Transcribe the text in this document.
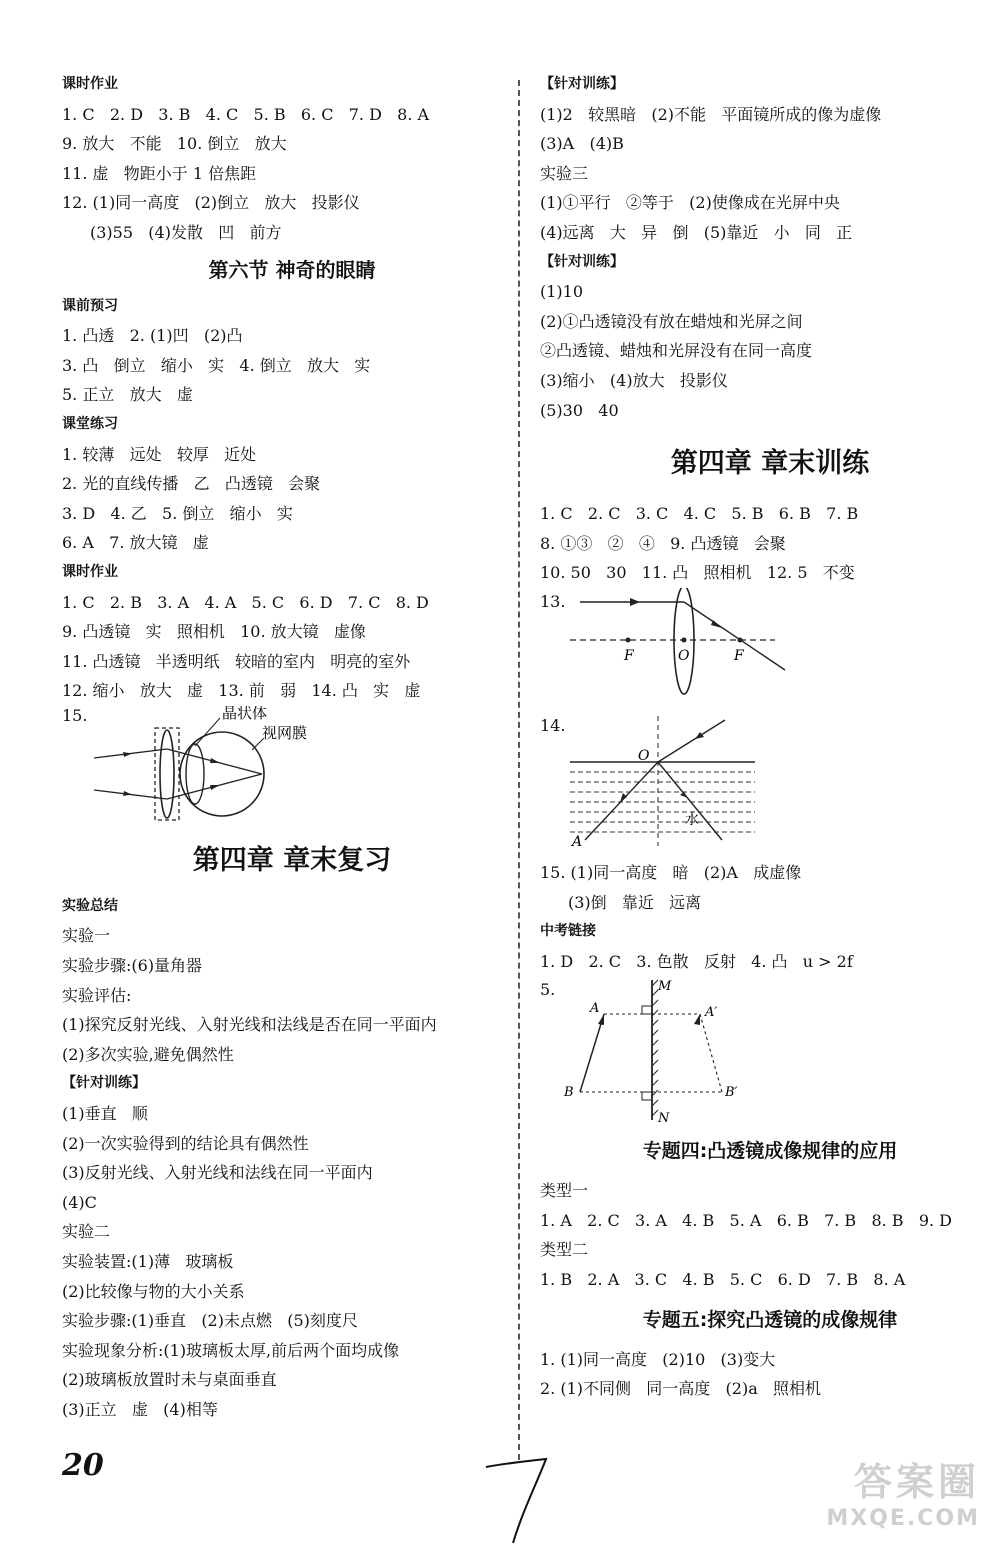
课时作业
1. C   2. D   3. B   4. C   5. B   6. C   7. D   8. A
9. 放大   不能   10. 倒立   放大
11. 虚   物距小于 1 倍焦距
12. (1)同一高度   (2)倒立   放大   投影仪
(3)55   (4)发散   凹   前方
第六节 神奇的眼睛
课前预习
1. 凸透   2. (1)凹   (2)凸
3. 凸   倒立   缩小   实   4. 倒立   放大   实
5. 正立   放大   虚
课堂练习
1. 较薄   远处   较厚   近处
2. 光的直线传播   乙   凸透镜   会聚
3. D   4. 乙   5. 倒立   缩小   实
6. A   7. 放大镜   虚
课时作业
1. C   2. B   3. A   4. A   5. C   6. D   7. C   8. D
9. 凸透镜   实   照相机   10. 放大镜   虚像
11. 凸透镜   半透明纸   较暗的室内   明亮的室外
12. 缩小   放大   虚   13. 前   弱   14. 凸   实   虚
15.	晶状体
视网膜
第四章 章末复习
实验总结
实验一
实验步骤:(6)量角器
实验评估:
(1)探究反射光线、入射光线和法线是否在同一平面内
(2)多次实验,避免偶然性
【针对训练】
(1)垂直   顺
(2)一次实验得到的结论具有偶然性
(3)反射光线、入射光线和法线在同一平面内
(4)C
实验二
实验装置:(1)薄   玻璃板
(2)比较像与物的大小关系
实验步骤:(1)垂直   (2)未点燃   (5)刻度尺
实验现象分析:(1)玻璃板太厚,前后两个面均成像
(2)玻璃板放置时未与桌面垂直
(3)正立   虚   (4)相等
【针对训练】
(1)2   较黑暗   (2)不能   平面镜所成的像为虚像
(3)A   (4)B
实验三
(1)①平行   ②等于   (2)使像成在光屏中央
(4)远离   大   异   倒   (5)靠近   小   同   正
【针对训练】
(1)10
(2)①凸透镜没有放在蜡烛和光屏之间
②凸透镜、蜡烛和光屏没有在同一高度
(3)缩小   (4)放大   投影仪
(5)30   40
第四章 章末训练
1. C   2. C   3. C   4. C   5. B   6. B   7. B
8. ①③   ②   ④   9. 凸透镜   会聚
10. 50   30   11. 凸   照相机   12. 5   不变
13.
F	O	F
14.
O
水
A
15. (1)同一高度   暗   (2)A   成虚像
(3)倒   靠近   远离
中考链接
1. D   2. C   3. 色散   反射   4. 凸   u > 2f
5.	M
N
A	A′
B	B′
专题四:凸透镜成像规律的应用
类型一
1. A   2. C   3. A   4. B   5. A   6. B   7. B   8. B   9. D
类型二
1. B   2. A   3. C   4. B   5. C   6. D   7. B   8. A
专题五:探究凸透镜的成像规律
1. (1)同一高度   (2)10   (3)变大
2. (1)不同侧   同一高度   (2)a   照相机
20	答案圈
MXQE.COM
